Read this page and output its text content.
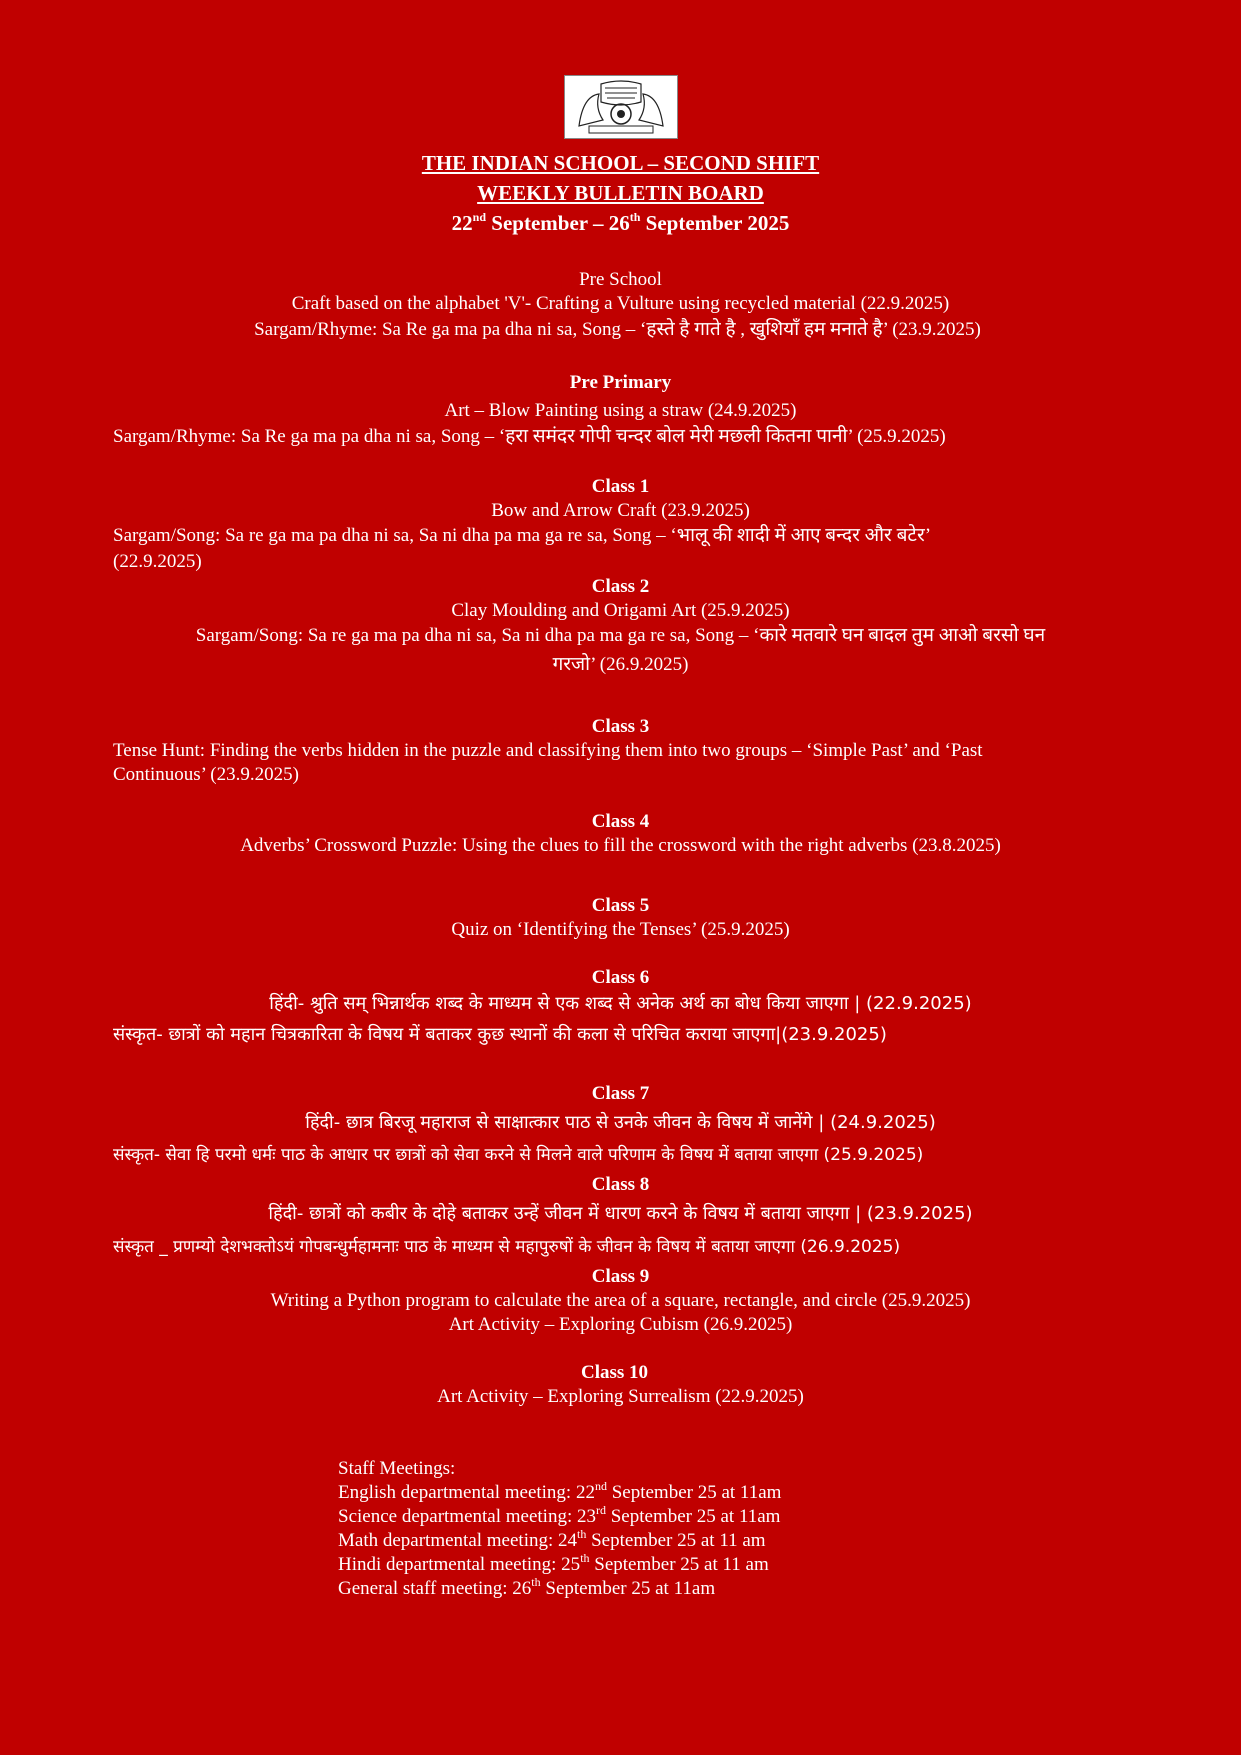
THE INDIAN SCHOOL – SECOND SHIFT
WEEKLY BULLETIN BOARD
22nd September – 26th September 2025
Pre School
Craft based on the alphabet 'V'- Crafting a Vulture using recycled material (22.9.2025)
Sargam/Rhyme: Sa Re ga ma pa dha ni sa, Song – ‘हस्ते है गाते है , खुशियाँ हम मनाते है’ (23.9.2025)
Pre Primary
Art – Blow Painting using a straw (24.9.2025)
Sargam/Rhyme: Sa Re ga ma pa dha ni sa, Song – ‘हरा समंदर गोपी चन्दर बोल मेरी मछली कितना पानी’ (25.9.2025)
Class 1
Bow and Arrow Craft (23.9.2025)
Sargam/Song: Sa re ga ma pa dha ni sa, Sa ni dha pa ma ga re sa, Song – ‘भालू की शादी में आए बन्दर और बटेर’
(22.9.2025)
Class 2
Clay Moulding and Origami Art (25.9.2025)
Sargam/Song: Sa re ga ma pa dha ni sa, Sa ni dha pa ma ga re sa, Song – ‘कारे मतवारे घन बादल तुम आओ बरसो घन
गरजो’ (26.9.2025)
Class 3
Tense Hunt: Finding the verbs hidden in the puzzle and classifying them into two groups – ‘Simple Past’ and ‘Past
Continuous’ (23.9.2025)
Class 4
Adverbs’ Crossword Puzzle: Using the clues to fill the crossword with the right adverbs (23.8.2025)
Class 5
Quiz on ‘Identifying the Tenses’ (25.9.2025)
Class 6
हिंदी- श्रुति सम् भिन्नार्थक शब्द के माध्यम से एक शब्द से अनेक अर्थ का बोध किया जाएगा | (22.9.2025)
संस्कृत- छात्रों को महान चित्रकारिता के विषय में बताकर कुछ स्थानों की कला से परिचित कराया जाएगा|(23.9.2025)
Class 7
हिंदी- छात्र बिरजू महाराज से साक्षात्कार पाठ से उनके जीवन के विषय में जानेंगे | (24.9.2025)
संस्कृत- सेवा हि परमो धर्मः पाठ के आधार पर छात्रों को सेवा करने से मिलने वाले परिणाम के विषय में बताया जाएगा (25.9.2025)
Class 8
हिंदी- छात्रों को कबीर के दोहे बताकर उन्हें जीवन में धारण करने के विषय में बताया जाएगा | (23.9.2025)
संस्कृत _ प्रणम्यो देशभक्तोऽयं गोपबन्धुर्महामनाः पाठ के माध्यम से महापुरुषों के जीवन के विषय में बताया जाएगा (26.9.2025)
Class 9
Writing a Python program to calculate the area of a square, rectangle, and circle (25.9.2025)
Art Activity – Exploring Cubism (26.9.2025)
Class 10
Art Activity – Exploring Surrealism (22.9.2025)
Staff Meetings:
English departmental meeting: 22nd September 25 at 11am
Science departmental meeting: 23rd September 25 at 11am
Math departmental meeting: 24th September 25 at 11 am
Hindi departmental meeting: 25th September 25 at 11 am
General staff meeting: 26th September 25 at 11am
